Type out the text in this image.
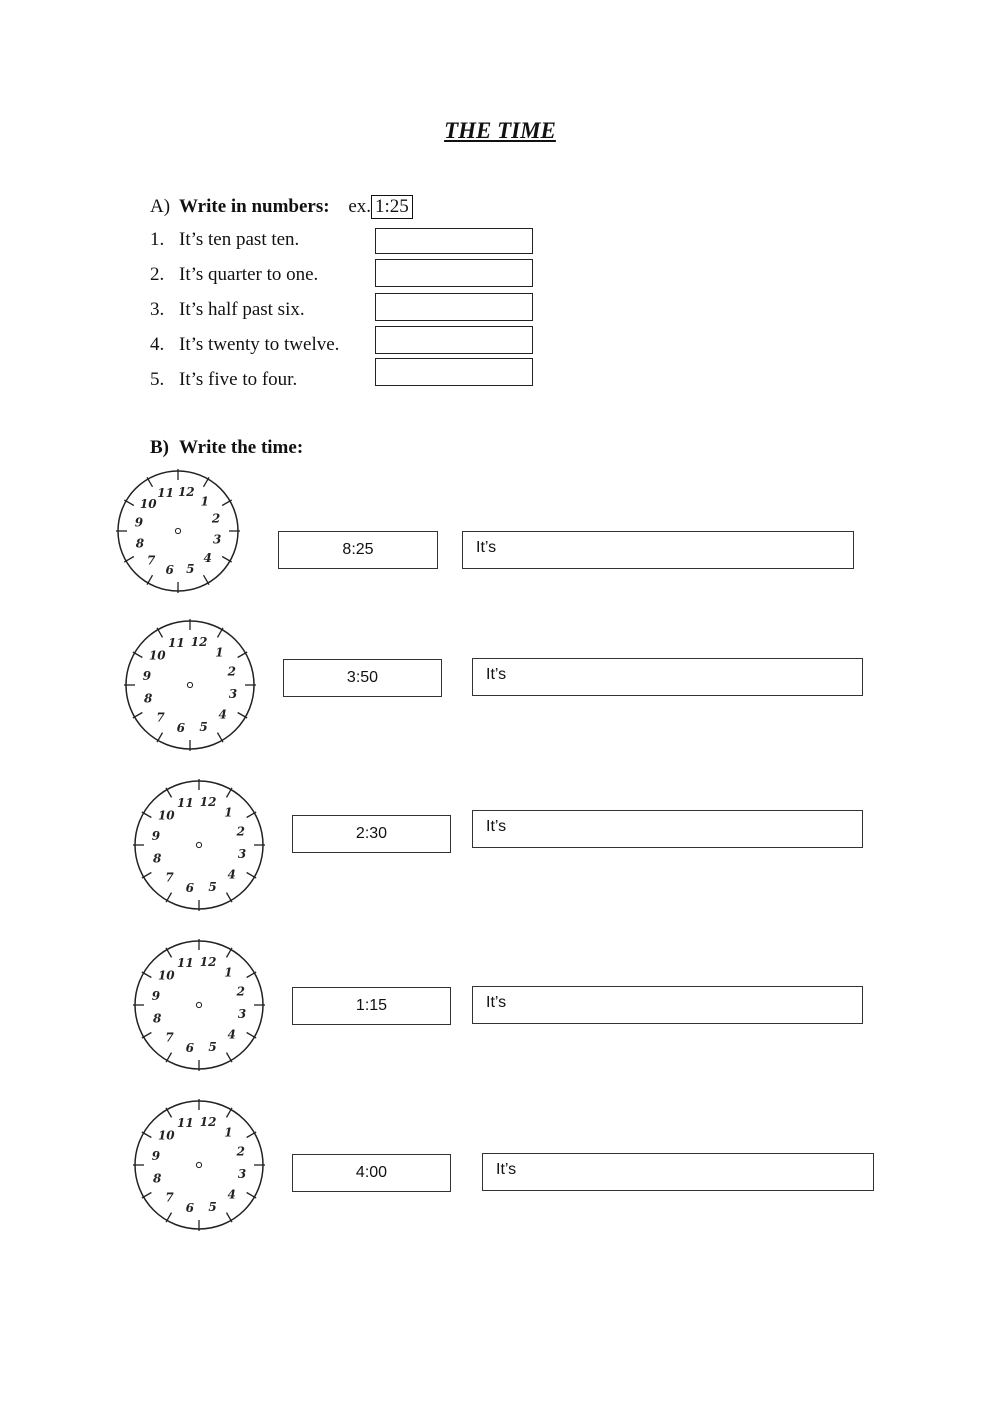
THE TIME
A) Write in numbers: ex. 1:25
1. It’s ten past ten.
2. It’s quarter to one.
3. It’s half past six.
4. It’s twenty to twelve.
5. It’s five to four.
B) Write the time:
12
1
2
3
4
5
6
7
8
9
10
11
8:25	It’s
12
1
2
3
4
5
6
7
8
9
10
11
3:50	It’s
12
1
2
3
4
5
6
7
8
9
10
11
2:30	It’s
12
1
2
3
4
5
6
7
8
9
10
11
1:15	It’s
12
1
2
3
4
5
6
7
8
9
10
11
4:00	It’s
